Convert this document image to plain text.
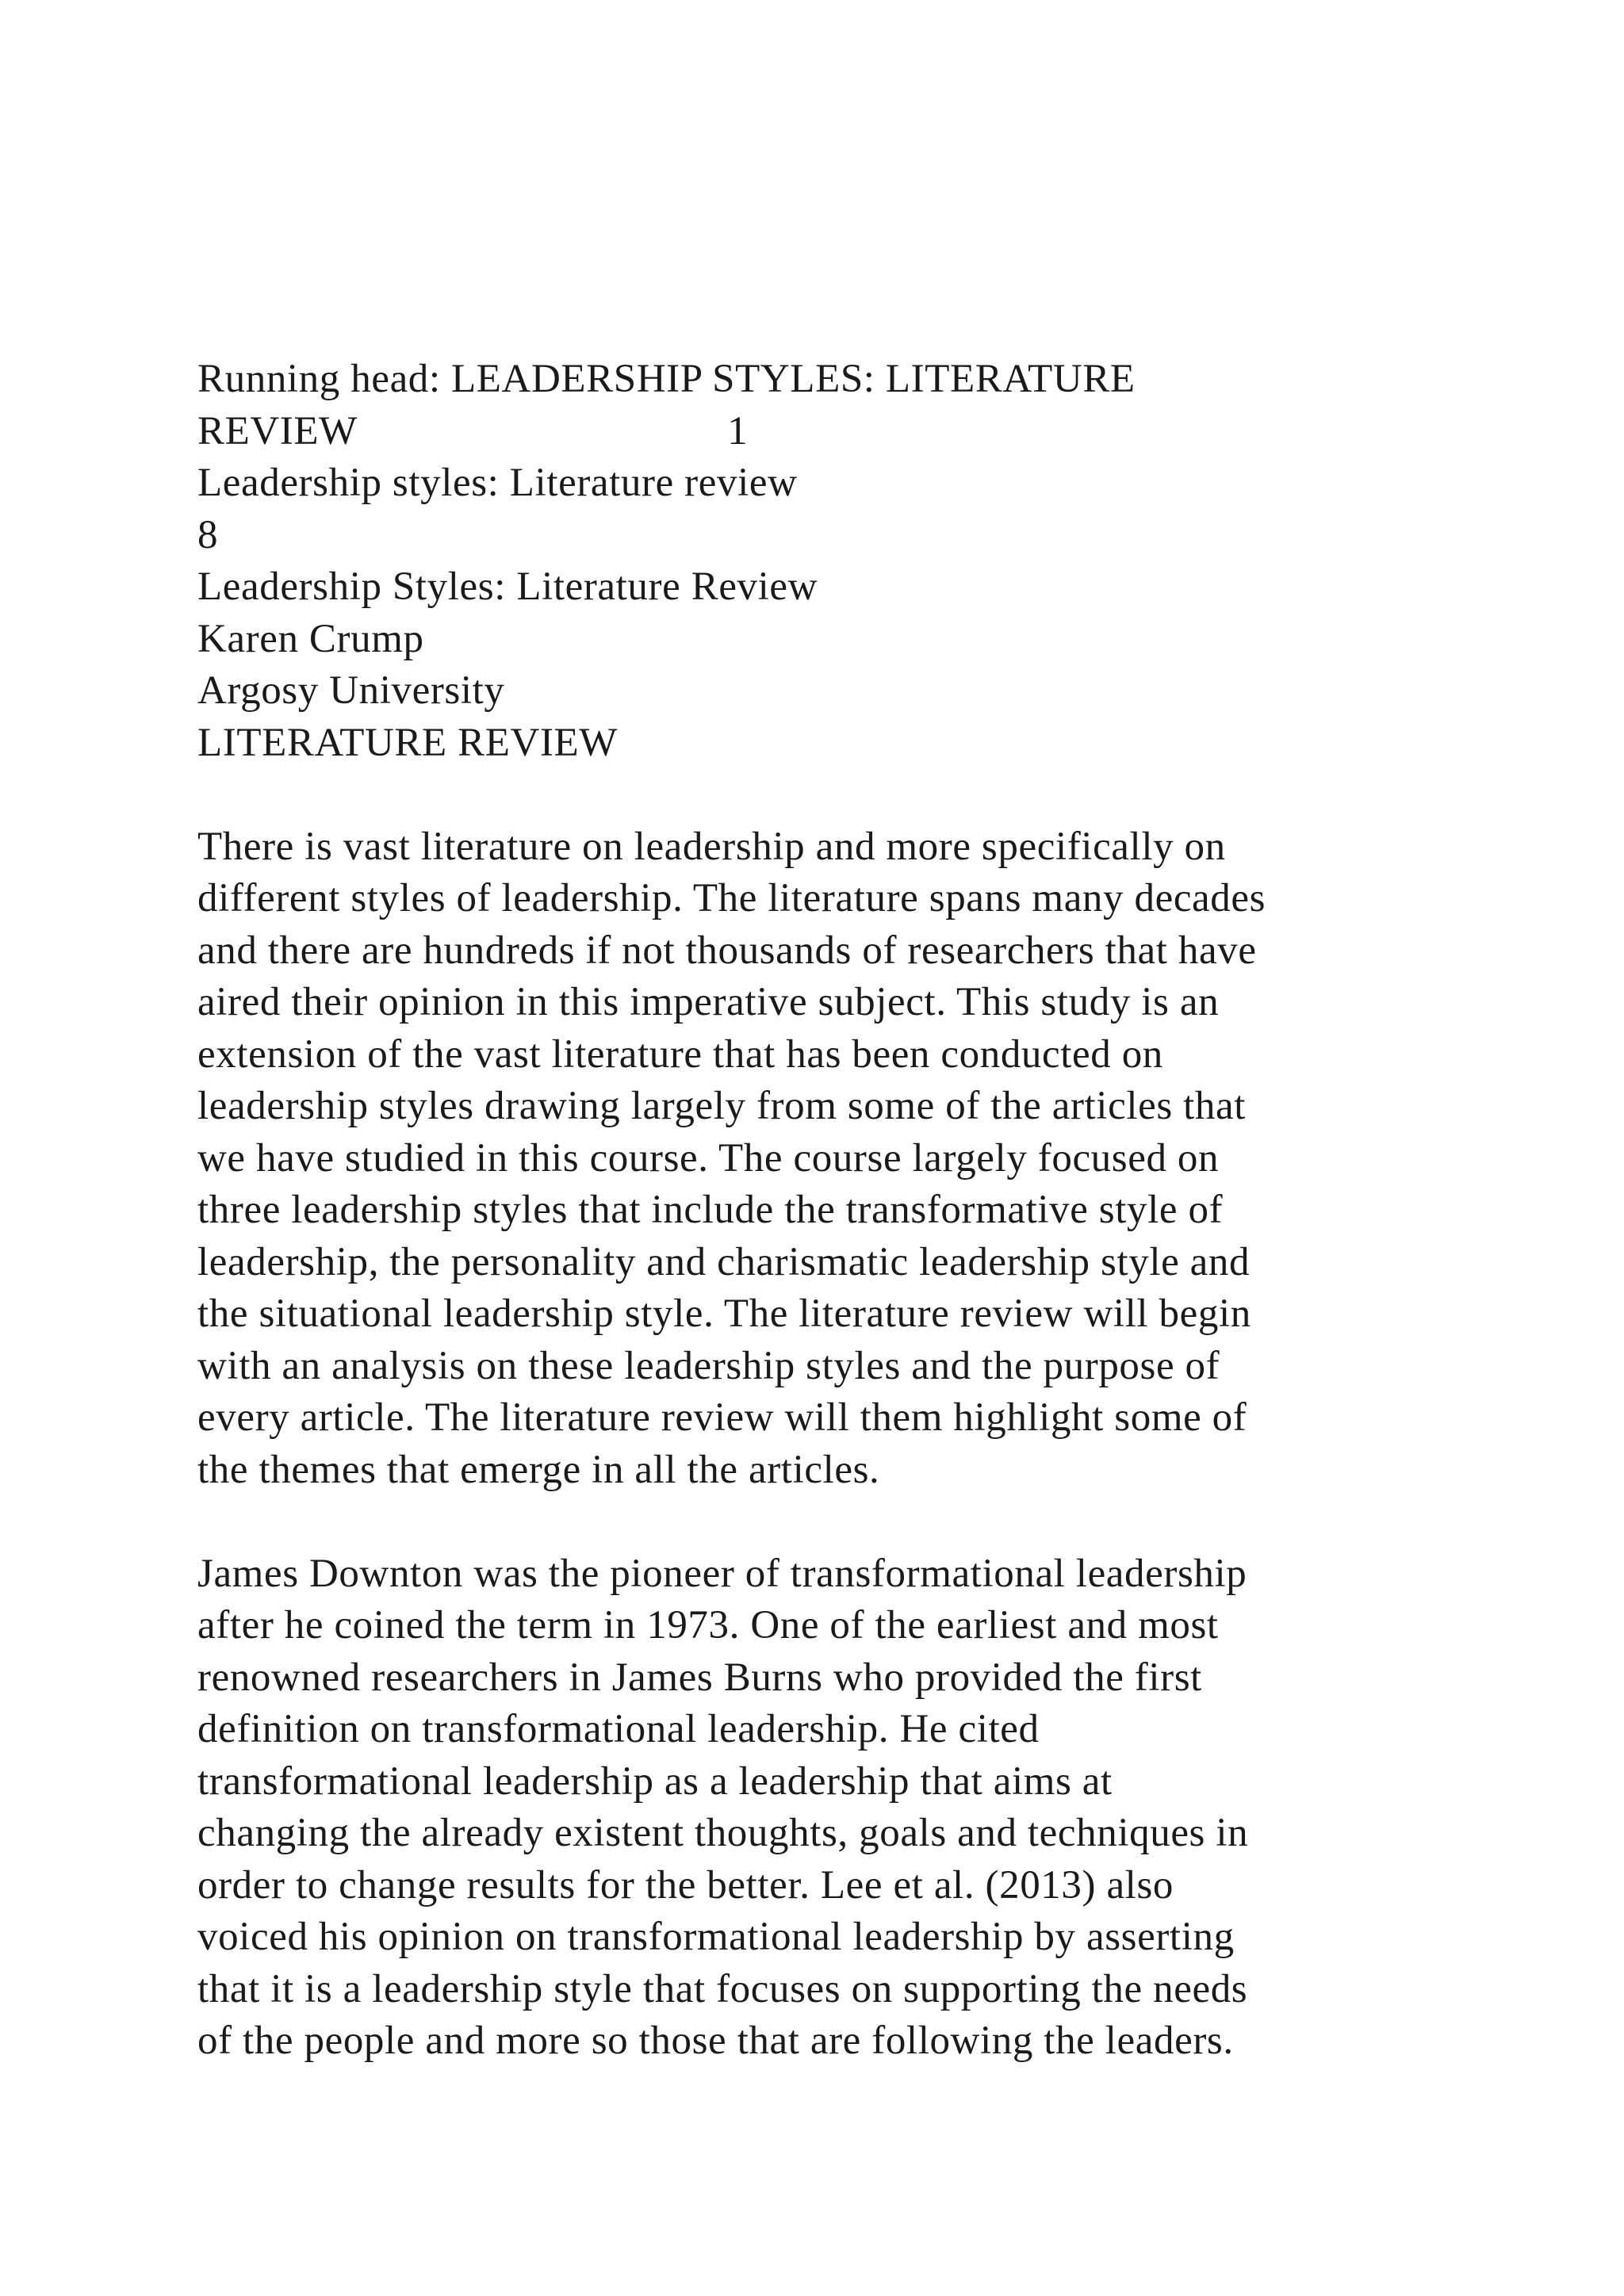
Running head: LEADERSHIP STYLES: LITERATURE
REVIEW                                   1
Leadership styles: Literature review
8
Leadership Styles: Literature Review
Karen Crump
Argosy University
LITERATURE REVIEW
There is vast literature on leadership and more specifically on
different styles of leadership. The literature spans many decades
and there are hundreds if not thousands of researchers that have
aired their opinion in this imperative subject. This study is an
extension of the vast literature that has been conducted on
leadership styles drawing largely from some of the articles that
we have studied in this course. The course largely focused on
three leadership styles that include the transformative style of
leadership, the personality and charismatic leadership style and
the situational leadership style. The literature review will begin
with an analysis on these leadership styles and the purpose of
every article. The literature review will them highlight some of
the themes that emerge in all the articles.
James Downton was the pioneer of transformational leadership
after he coined the term in 1973. One of the earliest and most
renowned researchers in James Burns who provided the first
definition on transformational leadership. He cited
transformational leadership as a leadership that aims at
changing the already existent thoughts, goals and techniques in
order to change results for the better. Lee et al. (2013) also
voiced his opinion on transformational leadership by asserting
that it is a leadership style that focuses on supporting the needs
of the people and more so those that are following the leaders.
